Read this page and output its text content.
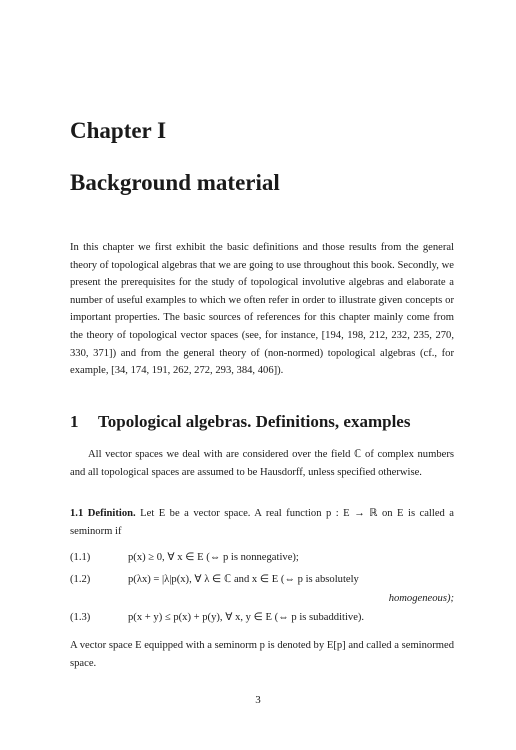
Chapter I
Background material
In this chapter we first exhibit the basic definitions and those results from the general theory of topological algebras that we are going to use throughout this book. Secondly, we present the prerequisites for the study of topological involutive algebras and elaborate a number of useful examples to which we often refer in order to illustrate given concepts or important properties. The basic sources of references for this chapter mainly come from the theory of topological vector spaces (see, for instance, [194, 198, 212, 232, 235, 270, 330, 371]) and from the general theory of (non-normed) topological algebras (cf., for example, [34, 174, 191, 262, 272, 293, 384, 406]).
1 Topological algebras. Definitions, examples
All vector spaces we deal with are considered over the field ℂ of complex numbers and all topological spaces are assumed to be Hausdorff, unless specified otherwise.
1.1 Definition. Let E be a vector space. A real function p : E → ℝ on E is called a seminorm if
(1.1)	p(x) ≥ 0, ∀ x ∈ E (⇔ p is nonnegative);
(1.2)	p(λx) = |λ|p(x), ∀ λ ∈ ℂ and x ∈ E (⇔ p is absolutely
homogeneous);
(1.3)	p(x + y) ≤ p(x) + p(y), ∀ x, y ∈ E (⇔ p is subadditive).
A vector space E equipped with a seminorm p is denoted by E[p] and called a seminormed space.
3
